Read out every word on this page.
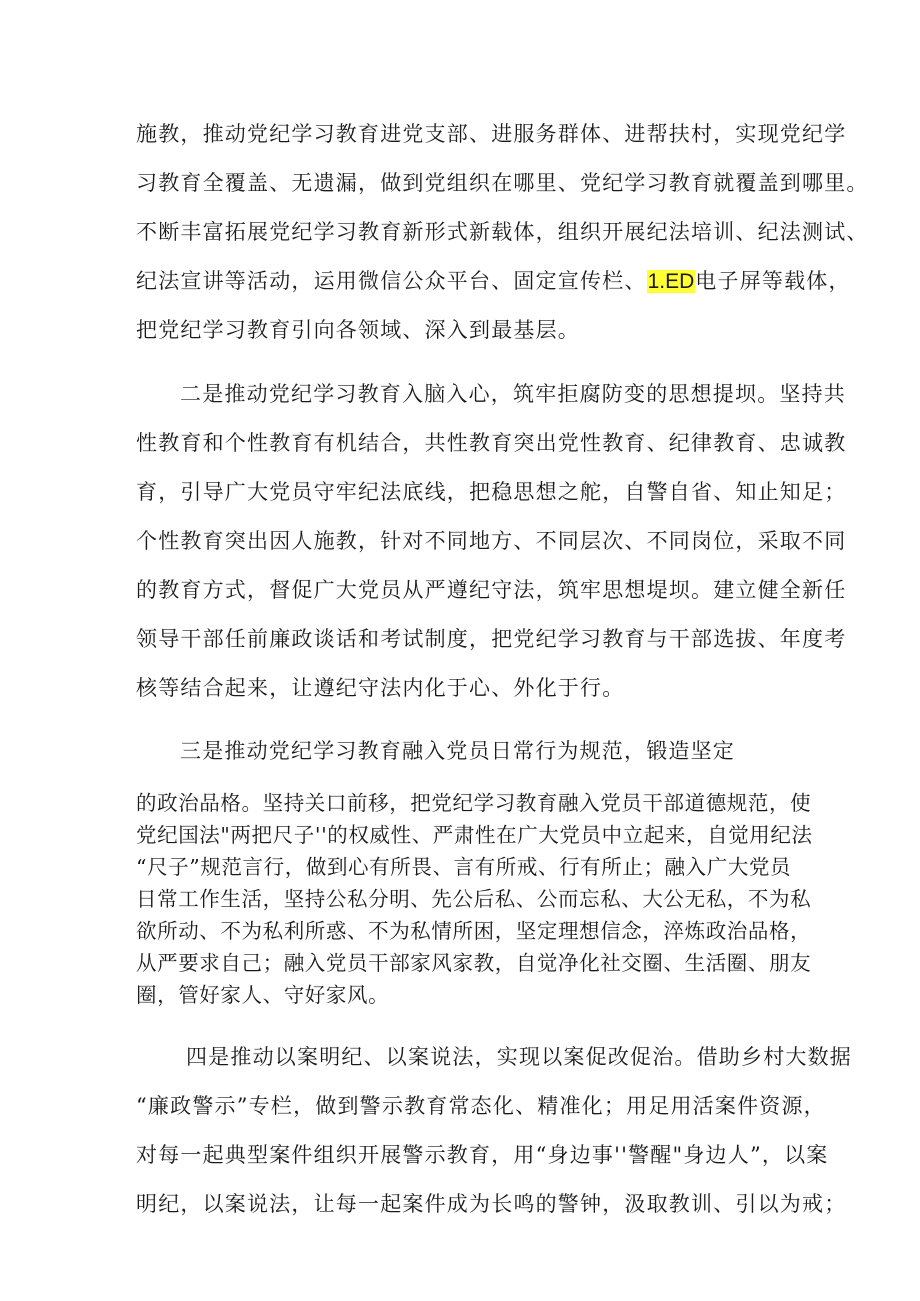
施教，推动党纪学习教育进党支部、进服务群体、进帮扶村，实现党纪学
习教育全覆盖、无遗漏，做到党组织在哪里、党纪学习教育就覆盖到哪里。
不断丰富拓展党纪学习教育新形式新载体，组织开展纪法培训、纪法测试、
纪法宣讲等活动，运用微信公众平台、固定宣传栏、1.ED电子屏等载体，
把党纪学习教育引向各领域、深入到最基层。
二是推动党纪学习教育入脑入心，筑牢拒腐防变的思想提坝。坚持共
性教育和个性教育有机结合，共性教育突出党性教育、纪律教育、忠诚教
育，引导广大党员守牢纪法底线，把稳思想之舵，自警自省、知止知足；
个性教育突出因人施教，针对不同地方、不同层次、不同岗位，采取不同
的教育方式，督促广大党员从严遵纪守法，筑牢思想堤坝。建立健全新任
领导干部任前廉政谈话和考试制度，把党纪学习教育与干部选拔、年度考
核等结合起来，让遵纪守法内化于心、外化于行。
三是推动党纪学习教育融入党员日常行为规范，锻造坚定
的政治品格。坚持关口前移，把党纪学习教育融入党员干部道德规范，使
党纪国法"两把尺子''的权威性、严肃性在广大党员中立起来，自觉用纪法
“尺子”规范言行，做到心有所畏、言有所戒、行有所止；融入广大党员
日常工作生活，坚持公私分明、先公后私、公而忘私、大公无私，不为私
欲所动、不为私利所惑、不为私情所困，坚定理想信念，淬炼政治品格，
从严要求自己；融入党员干部家风家教，自觉净化社交圈、生活圈、朋友
圈，管好家人、守好家风。
四是推动以案明纪、以案说法，实现以案促改促治。借助乡村大数据
“廉政警示”专栏，做到警示教育常态化、精准化；用足用活案件资源，
对每一起典型案件组织开展警示教育，用“身边事''警醒"身边人”，以案
明纪，以案说法，让每一起案件成为长鸣的警钟，汲取教训、引以为戒；
